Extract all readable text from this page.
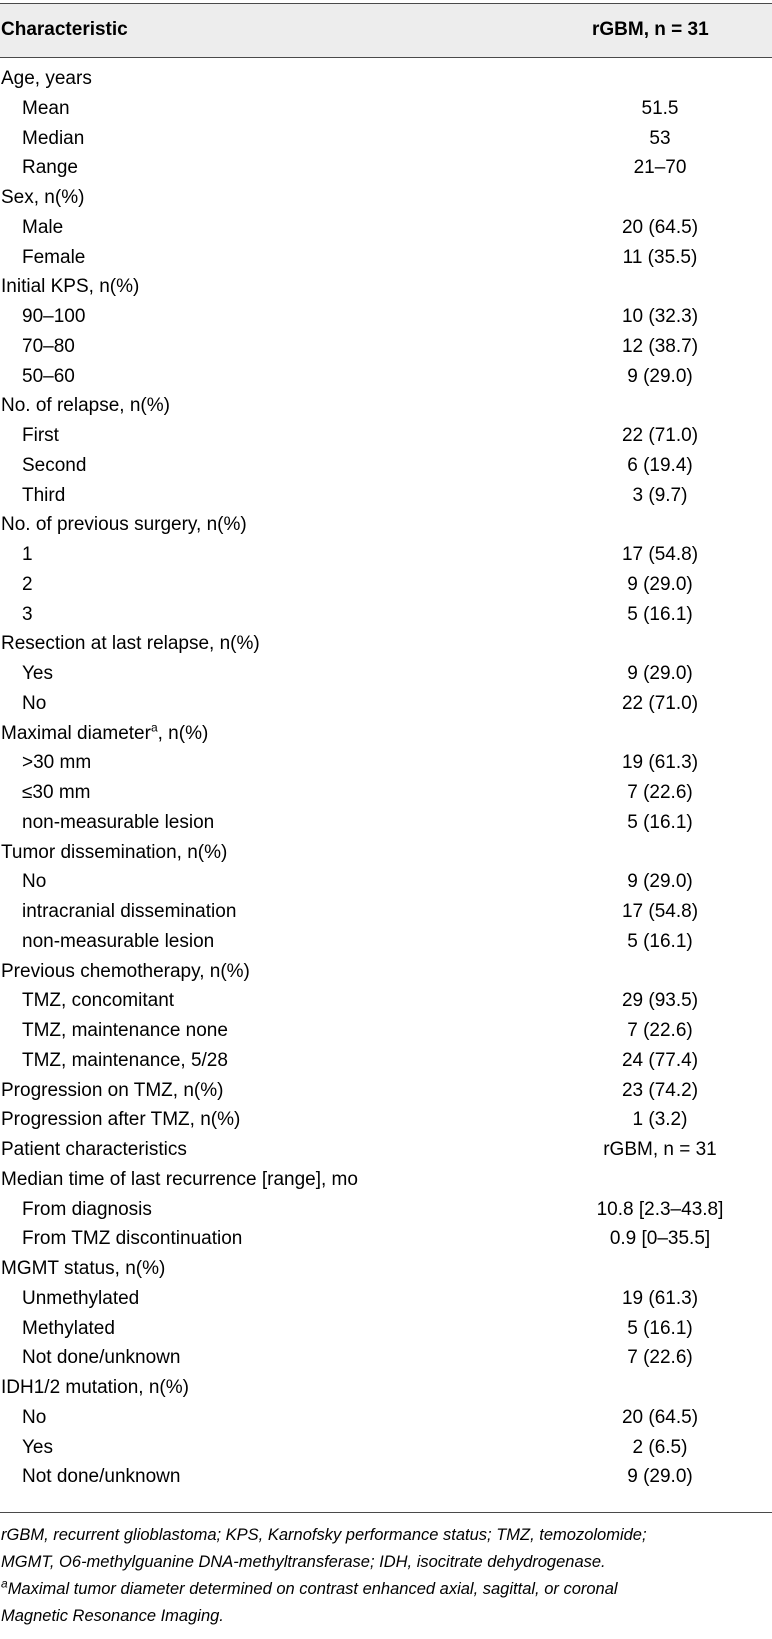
Characteristic	rGBM, n = 31
Age, years
Mean	51.5
Median	53
Range	21–70
Sex, n(%)
Male	20 (64.5)
Female	11 (35.5)
Initial KPS, n(%)
90–100	10 (32.3)
70–80	12 (38.7)
50–60	9 (29.0)
No. of relapse, n(%)
First	22 (71.0)
Second	6 (19.4)
Third	3 (9.7)
No. of previous surgery, n(%)
1	17 (54.8)
2	9 (29.0)
3	5 (16.1)
Resection at last relapse, n(%)
Yes	9 (29.0)
No	22 (71.0)
Maximal diameter$^a$, n(%)
>30 mm	19 (61.3)
≤30 mm	7 (22.6)
non-measurable lesion	5 (16.1)
Tumor dissemination, n(%)
No	9 (29.0)
intracranial dissemination	17 (54.8)
non-measurable lesion	5 (16.1)
Previous chemotherapy, n(%)
TMZ, concomitant	29 (93.5)
TMZ, maintenance none	7 (22.6)
TMZ, maintenance, 5/28	24 (77.4)
Progression on TMZ, n(%)	23 (74.2)
Progression after TMZ, n(%)	1 (3.2)
Patient characteristics	rGBM, n = 31
Median time of last recurrence [range], mo
From diagnosis	10.8 [2.3–43.8]
From TMZ discontinuation	0.9 [0–35.5]
MGMT status, n(%)
Unmethylated	19 (61.3)
Methylated	5 (16.1)
Not done/unknown	7 (22.6)
IDH1/2 mutation, n(%)
No	20 (64.5)
Yes	2 (6.5)
Not done/unknown	9 (29.0)

rGBM, recurrent glioblastoma; KPS, Karnofsky performance status; TMZ, temozolomide;

MGMT, O6-methylguanine DNA-methyltransferase; IDH, isocitrate dehydrogenase.

$^a$Maximal tumor diameter determined on contrast enhanced axial, sagittal, or coronal

Magnetic Resonance Imaging.
